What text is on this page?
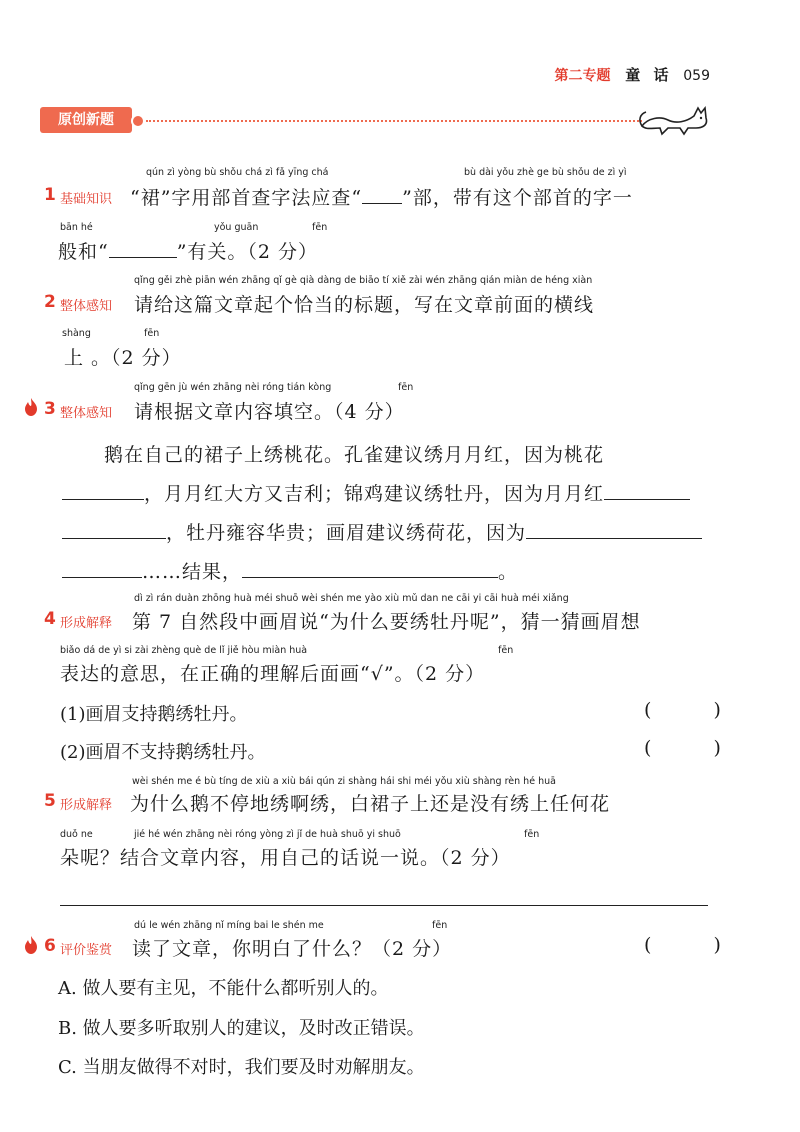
第二专题 童 话 059
原创新题
qún zì yòng bù shǒu chá zì fǎ yīng chá	bù dài yǒu zhè ge bù shǒu de zì yì
1 基础知识 “裙”字用部首查字法应查“ ”部，带有这个部首的字一
bān hé	yǒu guān	fēn
般和“	”有关。（2 分）
qǐng gěi zhè piān wén zhāng qǐ gè qià dàng de biāo tí xiě zài wén zhāng qián miàn de héng xiàn
2 整体感知 请给这篇文章起个恰当的标题，写在文章前面的横线
shàng	fēn
上 。（2 分）
qǐng gēn jù wén zhāng nèi róng tián kòng	fēn
3 整体感知 请根据文章内容填空。（4 分）
鹅在自己的裙子上绣桃花。孔雀建议绣月月红，因为桃花
，月月红大方又吉利；锦鸡建议绣牡丹，因为月月红
，牡丹雍容华贵；画眉建议绣荷花，因为
……结果，	。
dì zì rán duàn zhōng huà méi shuō wèi shén me yào xiù mǔ dan ne cāi yi cāi huà méi xiǎng
4 形成解释 第 7 自然段中画眉说“为什么要绣牡丹呢”，猜一猜画眉想
biǎo dá de yì si zài zhèng què de lǐ jiě hòu miàn huà	fēn
表达的意思，在正确的理解后面画“√”。（2 分）
(1)画眉支持鹅绣牡丹。	( )
(2)画眉不支持鹅绣牡丹。	( )
wèi shén me é bù tíng de xiù a xiù bái qún zi shàng hái shi méi yǒu xiù shàng rèn hé huā
5 形成解释 为什么鹅不停地绣啊绣，白裙子上还是没有绣上任何花
duǒ ne	jié hé wén zhāng nèi róng yòng zì jǐ de huà shuō yi shuō	fēn
朵呢？结合文章内容，用自己的话说一说。（2 分）
dú le wén zhāng nǐ míng bai le shén me	fēn
6 评价鉴赏 读了文章，你明白了什么？（2 分）	( )
A. 做人要有主见，不能什么都听别人的。
B. 做人要多听取别人的建议，及时改正错误。
C. 当朋友做得不对时，我们要及时劝解朋友。
